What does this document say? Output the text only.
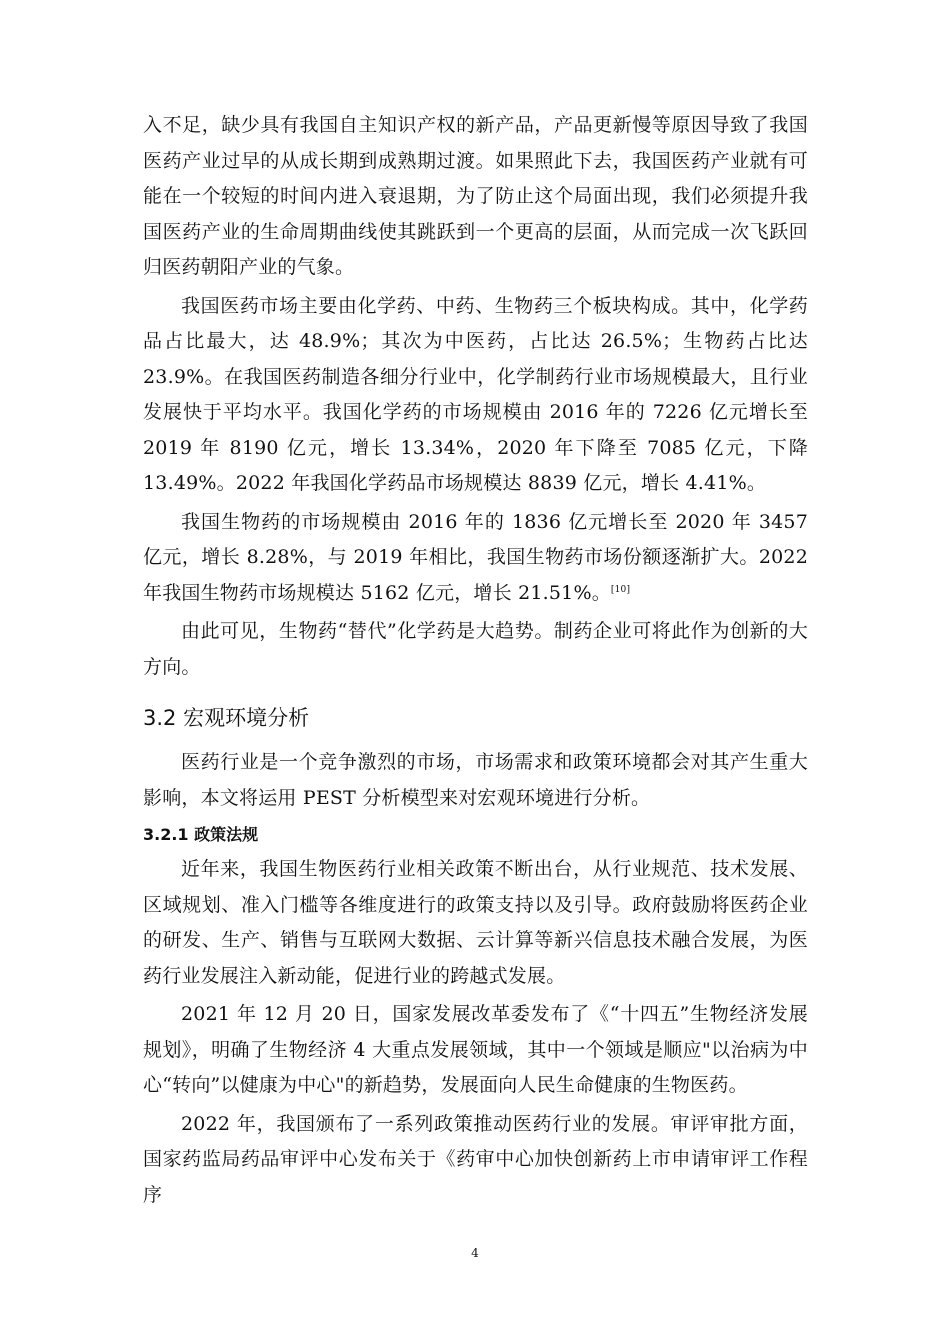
入不足，缺少具有我国自主知识产权的新产品，产品更新慢等原因导致了我国医药产业过早的从成长期到成熟期过渡。如果照此下去，我国医药产业就有可能在一个较短的时间内进入衰退期，为了防止这个局面出现，我们必须提升我国医药产业的生命周期曲线使其跳跃到一个更高的层面，从而完成一次飞跃回归医药朝阳产业的气象。

我国医药市场主要由化学药、中药、生物药三个板块构成。其中，化学药品占比最大，达 48.9%；其次为中医药，占比达 26.5%；生物药占比达 23.9%。在我国医药制造各细分行业中，化学制药行业市场规模最大，且行业发展快于平均水平。我国化学药的市场规模由 2016 年的 7226 亿元增长至 2019 年 8190 亿元，增长 13.34%，2020 年下降至 7085 亿元，下降 13.49%。2022 年我国化学药品市场规模达 8839 亿元，增长 4.41%。

我国生物药的市场规模由 2016 年的 1836 亿元增长至 2020 年 3457 亿元，增长 8.28%，与 2019 年相比，我国生物药市场份额逐渐扩大。2022 年我国生物药市场规模达 5162 亿元，增长 21.51%。[10]

由此可见，生物药“替代”化学药是大趋势。制药企业可将此作为创新的大方向。

3.2 宏观环境分析

医药行业是一个竞争激烈的市场，市场需求和政策环境都会对其产生重大影响，本文将运用 PEST 分析模型来对宏观环境进行分析。

3.2.1 政策法规

近年来，我国生物医药行业相关政策不断出台，从行业规范、技术发展、区域规划、准入门槛等各维度进行的政策支持以及引导。政府鼓励将医药企业的研发、生产、销售与互联网大数据、云计算等新兴信息技术融合发展，为医药行业发展注入新动能，促进行业的跨越式发展。

2021 年 12 月 20 日，国家发展改革委发布了《“十四五”生物经济发展规划》，明确了生物经济 4 大重点发展领域，其中一个领域是顺应"以治病为中心“转向”以健康为中心"的新趋势，发展面向人民生命健康的生物医药。

2022 年，我国颁布了一系列政策推动医药行业的发展。审评审批方面，国家药监局药品审评中心发布关于《药审中心加快创新药上市申请审评工作程序

4
